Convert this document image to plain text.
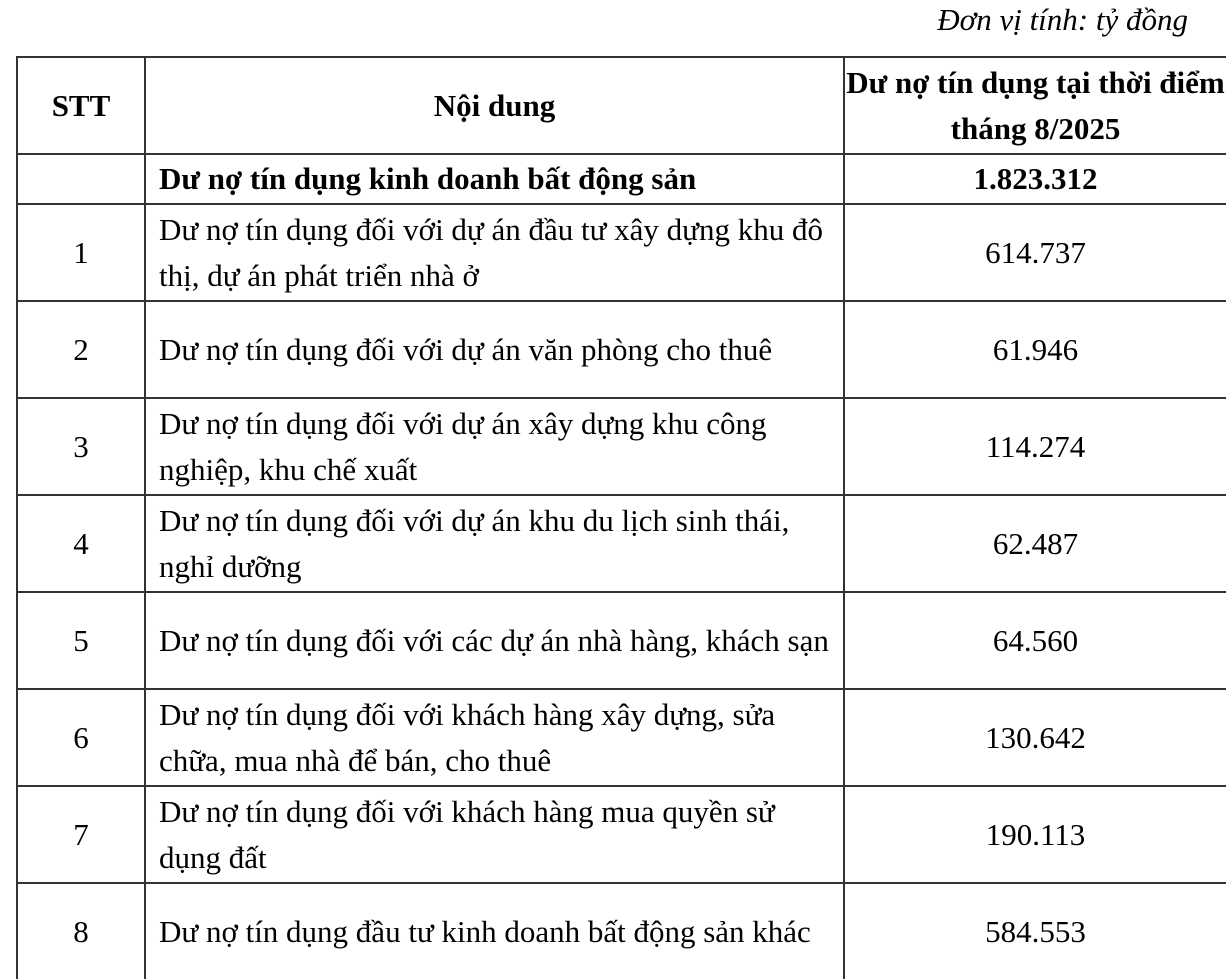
Đơn vị tính: tỷ đồng
STT	Nội dung	Dư nợ tín dụng tại thời điểm tháng 8/2025
	Dư nợ tín dụng kinh doanh bất động sản	1.823.312
1	Dư nợ tín dụng đối với dự án đầu tư xây dựng khu đô thị, dự án phát triển nhà ở	614.737
2	Dư nợ tín dụng đối với dự án văn phòng cho thuê	61.946
3	Dư nợ tín dụng đối với dự án xây dựng khu công nghiệp, khu chế xuất	114.274
4	Dư nợ tín dụng đối với dự án khu du lịch sinh thái, nghỉ dưỡng	62.487
5	Dư nợ tín dụng đối với các dự án nhà hàng, khách sạn	64.560
6	Dư nợ tín dụng đối với khách hàng xây dựng, sửa chữa, mua nhà để bán, cho thuê	130.642
7	Dư nợ tín dụng đối với khách hàng mua quyền sử dụng đất	190.113
8	Dư nợ tín dụng đầu tư kinh doanh bất động sản khác	584.553
